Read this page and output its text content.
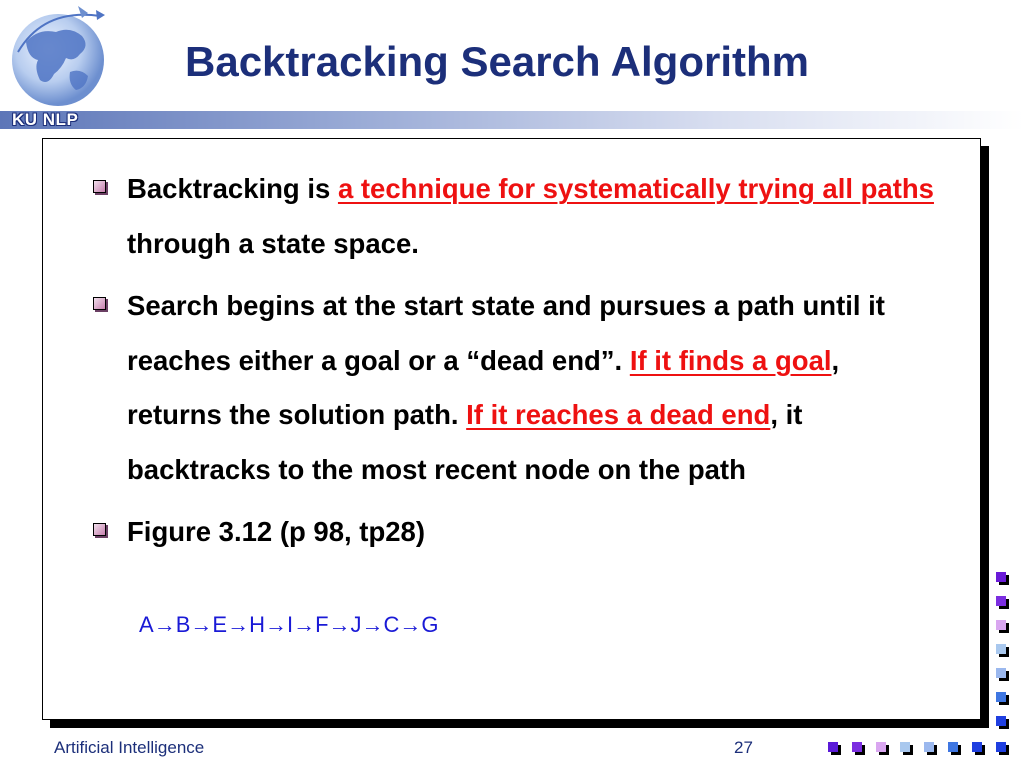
KU NLP
Backtracking Search Algorithm
Backtracking is a technique for systematically trying all paths through a state space.
Search begins at the start state and pursues a path until it reaches either a goal or a “dead end”. If it finds a goal, returns the solution path. If it reaches a dead end, it backtracks to the most recent node on the path
Figure 3.12 (p 98, tp28)
A→B→E→H→I→F→J→C→G
Artificial Intelligence	27
